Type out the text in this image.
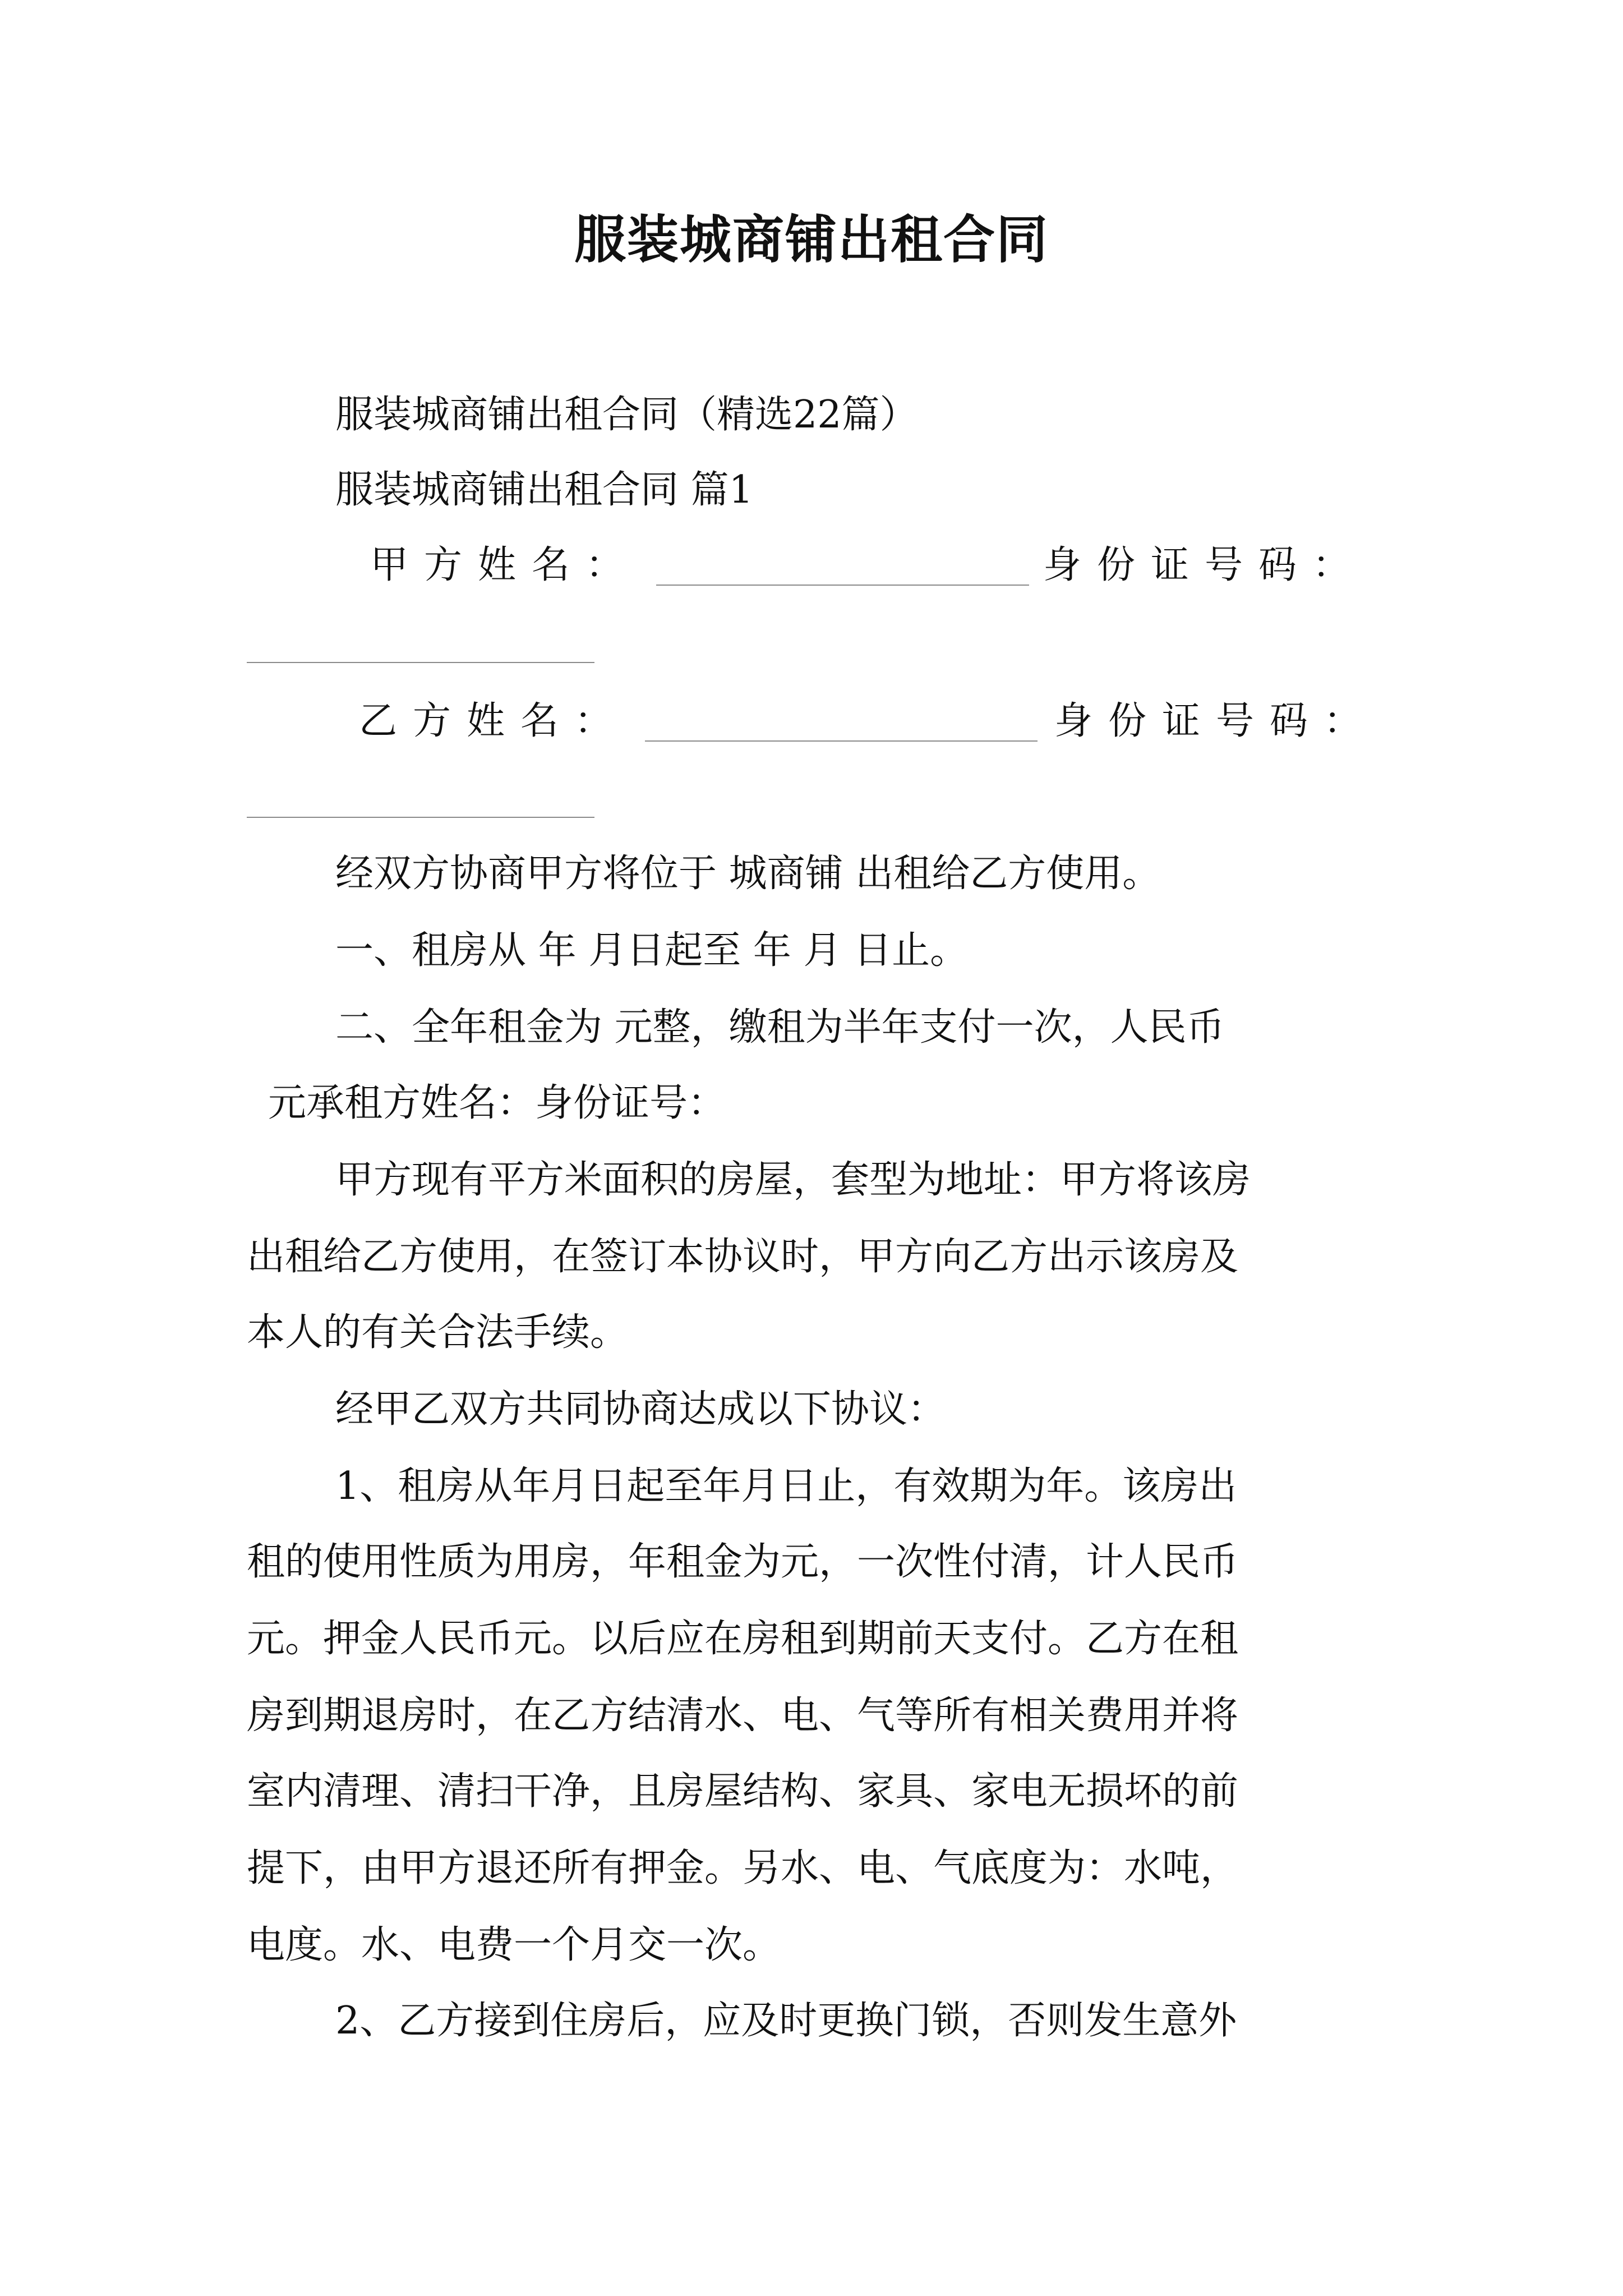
服装城商铺出租合同
服装城商铺出租合同（精选22篇）
服装城商铺出租合同 篇1
甲方姓名：	身份证号码：
乙方姓名：	身份证号码：
经双方协商甲方将位于 城商铺 出租给乙方使用。
一、租房从 年 月日起至 年 月 日止。
二、全年租金为 元整，缴租为半年支付一次，人民币
元承租方姓名：身份证号：
甲方现有平方米面积的房屋，套型为地址：甲方将该房
出租给乙方使用，在签订本协议时，甲方向乙方出示该房及
本人的有关合法手续。
经甲乙双方共同协商达成以下协议：
1、租房从年月日起至年月日止，有效期为年。该房出
租的使用性质为用房，年租金为元，一次性付清，计人民币
元。押金人民币元。以后应在房租到期前天支付。乙方在租
房到期退房时，在乙方结清水、电、气等所有相关费用并将
室内清理、清扫干净，且房屋结构、家具、家电无损坏的前
提下，由甲方退还所有押金。另水、电、气底度为：水吨，
电度。水、电费一个月交一次。
2、乙方接到住房后，应及时更换门锁，否则发生意外
